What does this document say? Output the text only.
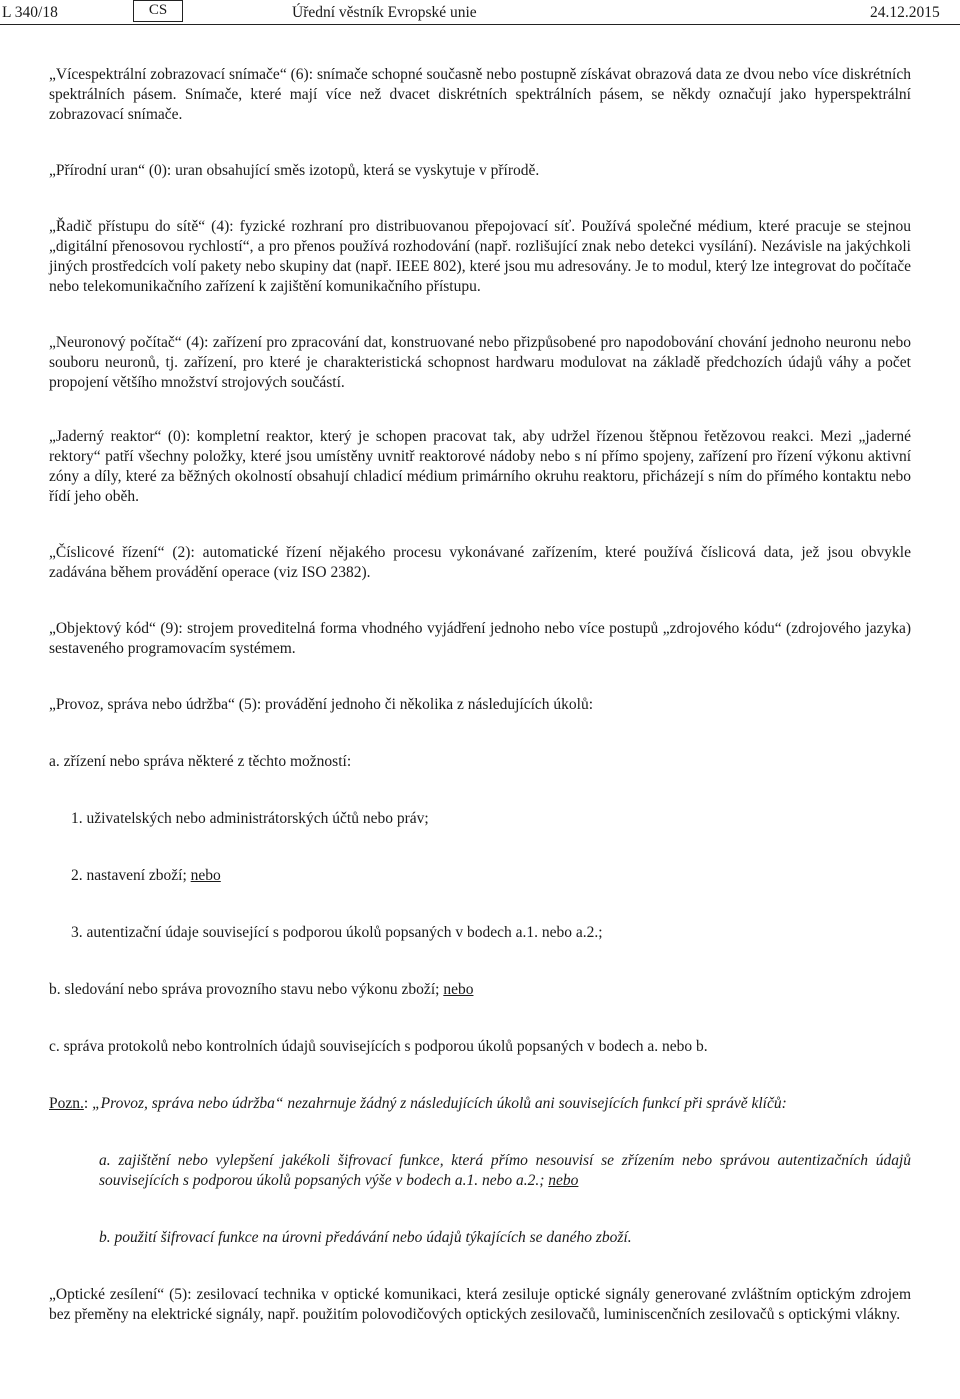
L 340/18	CS	Úřední věstník Evropské unie	24.12.2015

„Vícespektrální zobrazovací snímače“ (6): snímače schopné současně nebo postupně získávat obrazová data ze dvou nebo více diskrétních spektrálních pásem. Snímače, které mají více než dvacet diskrétních spektrálních pásem, se někdy označují jako hyperspektrální zobrazovací snímače.

„Přírodní uran“ (0): uran obsahující směs izotopů, která se vyskytuje v přírodě.

„Řadič přístupu do sítě“ (4): fyzické rozhraní pro distribuovanou přepojovací síť. Používá společné médium, které pracuje se stejnou „digitální přenosovou rychlostí“, a pro přenos používá rozhodování (např. rozlišující znak nebo detekci vysílání). Nezávisle na jakýchkoli jiných prostředcích volí pakety nebo skupiny dat (např. IEEE 802), které jsou mu adresovány. Je to modul, který lze integrovat do počítače nebo telekomunikačního zařízení k zajištění komunikačního přístupu.

„Neuronový počítač“ (4): zařízení pro zpracování dat, konstruované nebo přizpůsobené pro napodobování chování jednoho neuronu nebo souboru neuronů, tj. zařízení, pro které je charakteristická schopnost hardwaru modulovat na základě předchozích údajů váhy a počet propojení většího množství strojových součástí.

„Jaderný reaktor“ (0): kompletní reaktor, který je schopen pracovat tak, aby udržel řízenou štěpnou řetězovou reakci. Mezi „jaderné rektory“ patří všechny položky, které jsou umístěny uvnitř reaktorové nádoby nebo s ní přímo spojeny, zařízení pro řízení výkonu aktivní zóny a díly, které za běžných okolností obsahují chladicí médium primárního okruhu reaktoru, přicházejí s ním do přímého kontaktu nebo řídí jeho oběh.

„Číslicové řízení“ (2): automatické řízení nějakého procesu vykonávané zařízením, které používá číslicová data, jež jsou obvykle zadávána během provádění operace (viz ISO 2382).

„Objektový kód“ (9): strojem proveditelná forma vhodného vyjádření jednoho nebo více postupů „zdrojového kódu“ (zdrojového jazyka) sestaveného programovacím systémem.

„Provoz, správa nebo údržba“ (5): provádění jednoho či několika z následujících úkolů:

a. zřízení nebo správa některé z těchto možností:

1. uživatelských nebo administrátorských účtů nebo práv;

2. nastavení zboží; nebo

3. autentizační údaje související s podporou úkolů popsaných v bodech a.1. nebo a.2.;

b. sledování nebo správa provozního stavu nebo výkonu zboží; nebo

c. správa protokolů nebo kontrolních údajů souvisejících s podporou úkolů popsaných v bodech a. nebo b.

Pozn.: „Provoz, správa nebo údržba“ nezahrnuje žádný z následujících úkolů ani souvisejících funkcí při správě klíčů:

a. zajištění nebo vylepšení jakékoli šifrovací funkce, která přímo nesouvisí se zřízením nebo správou autentizačních údajů souvisejících s podporou úkolů popsaných výše v bodech a.1. nebo a.2.; nebo

b. použití šifrovací funkce na úrovni předávání nebo údajů týkajících se daného zboží.

„Optické zesílení“ (5): zesilovací technika v optické komunikaci, která zesiluje optické signály generované zvláštním optickým zdrojem bez přeměny na elektrické signály, např. použitím polovodičových optických zesilovačů, luminiscenčních zesilovačů s optickými vlákny.
